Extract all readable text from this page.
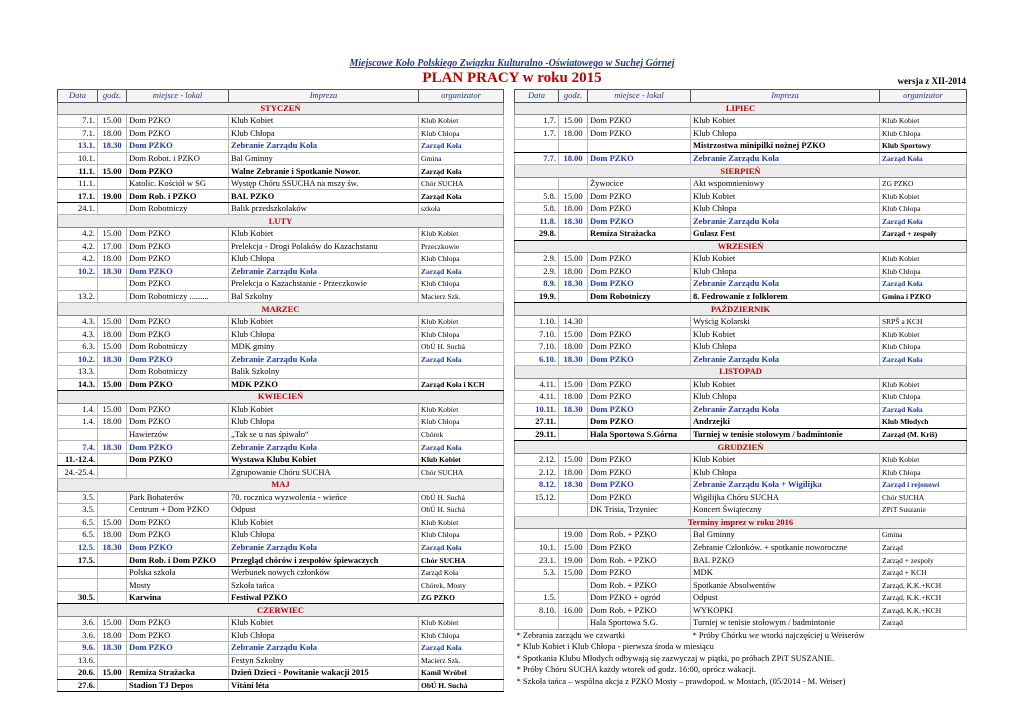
Miejscowe Koło Polskiego Związku Kulturalno -Oświatowego w Suchej Górnej
PLAN PRACY w roku 2015	wersja z XII-2014
Data	godz.	miejsce - lokal	Impreza	organizator
STYCZEŃ				
7.1.	15.00	Dom PZKO	Klub Kobiet	Klub Kobiet
7.1.	18.00	Dom PZKO	Klub Chłopa	Klub Chłopa
13.1.	18.30	Dom PZKO	Zebranie Zarządu Koła	Zarząd Koła
10.1.		Dom Robot. i PZKO	Bal Gminny	Gmina
11.1.	15.00	Dom PZKO	Walne Zebranie i Spotkanie Nowor.	Zarząd Koła
11.1.		Katolic. Kościół w SG	Występ Chóru SSUCHA na mszy św.	Chór SUCHA
17.1.	19.00	Dom Rob. i PZKO	BAL PZKO	Zarząd Koła
24.1.		Dom Robotniczy	Balik przedszkolaków	szkoła
LUTY				
4.2.	15.00	Dom PZKO	Klub Kobiet	Klub Kobiet
4.2.	17.00	Dom PZKO	Prelekcja - Drogi Polaków do Kazachstanu	Przeczkowie
4.2.	18.00	Dom PZKO	Klub Chłopa	Klub Chłopa
10.2.	18.30	Dom PZKO	Zebranie Zarządu Koła	Zarząd Koła
		Dom PZKO	Prelekcja o Kazachstanie - Przeczkowie	Klub Chłopa
13.2.		Dom Robotniczy .........	Bal Szkolny	Macierz Szk.
MARZEC				
4.3.	15.00	Dom PZKO	Klub Kobiet	Klub Kobiet
4.3.	18.00	Dom PZKO	Klub Chłopa	Klub Chłopa
6.3.	15.00	Dom Robotniczy	MDK gminy	ObÚ H. Suchá
10.2.	18.30	Dom PZKO	Zebranie Zarządu Koła	Zarząd Koła
13.3.		Dom Robotniczy	Balik Szkolny	
14.3.	15.00	Dom PZKO	MDK PZKO	Zarząd Koła i KCH
KWIECIEŃ				
1.4.	15.00	Dom PZKO	Klub Kobiet	Klub Kobiet
1.4.	18.00	Dom PZKO	Klub Chłopa	Klub Chłopa
		Hawierzów	„Tak se u nas śpiwało“	Chórek
7.4.	18.30	Dom PZKO	Zebranie Zarządu Koła	Zarząd Koła
11.-12.4.		Dom PZKO	Wystawa Klubu Kobiet	Klub Kobiet
24.-25.4.			Zgrupowanie Chóru SUCHA	Chór SUCHA
MAJ				
3.5.		Park Bohaterów	70. rocznica wyzwolenia - wieńce	ObÚ H. Suchá
3.5.		Centrum + Dom PZKO	Odpust	ObÚ H. Suchá
6.5.	15.00	Dom PZKO	Klub Kobiet	Klub Kobiet
6.5.	18.00	Dom PZKO	Klub Chłopa	Klub Chłopa
12.5.	18.30	Dom PZKO	Zebranie Zarządu Koła	Zarząd Koła
17.5.		Dom Rob. i Dom PZKO	Przegląd chórów i zespołów śpiewaczych	Chór SUCHA
		Polska szkoła	Werbunek nowych członków	Zarząd Koła
		Mosty	Szkoła tańca	Chórek, Mosty
30.5.		Karwina	Festiwal PZKO	ZG PZKO
CZERWIEC				
3.6.	15.00	Dom PZKO	Klub Kobiet	Klub Kobiet
3.6.	18.00	Dom PZKO	Klub Chłopa	Klub Chłopa
9.6.	18.30	Dom PZKO	Zebranie Zarządu Koła	Zarząd Koła
13.6.			Festyn Szkolny	Macierz Szk.
20.6.	15.00	Remiza Strażacka	Dzień Dzieci - Powitanie wakacji 2015	Kamil Wróbel
27.6.		Stadion TJ Depos	Vítání léta	ObÚ H. Suchá
Data	godz.	miejsce - lokal	Impreza	organizator
LIPIEC				
1.7.	15.00	Dom PZKO	Klub Kobiet	Klub Kobiet
1.7.	18.00	Dom PZKO	Klub Chłopa	Klub Chłopa
			Mistrzostwa minipilki nożnej PZKO	Klub Sportowy
7.7.	18.00	Dom PZKO	Zebranie Zarządu Koła	Zarząd Koła
SIERPIEŃ				
		Żywocice	Akt wspomnieniowy	ZG PZKO
5.8.	15.00	Dom PZKO	Klub Kobiet	Klub Kobiet
5.8.	18.00	Dom PZKO	Klub Chłopa	Klub Chłopa
11.8.	18.30	Dom PZKO	Zebranie Zarządu Koła	Zarząd Koła
29.8.		Remiza Strażacka	Gulasz Fest	Zarząd + zespoły
WRZESIEŃ				
2.9.	15.00	Dom PZKO	Klub Kobiet	Klub Kobiet
2.9.	18.00	Dom PZKO	Klub Chłopa	Klub Chłopa
8.9.	18.30	Dom PZKO	Zebranie Zarządu Koła	Zarząd Koła
19.9.		Dom Robotniczy	8. Fedrowanie z folklorem	Gmina i PZKO
PAŹDZIERNIK				
1.10.	14.30		Wyścig Kolarski	SRPŠ a KCH
7.10.	15.00	Dom PZKO	Klub Kobiet	Klub Kobiet
7.10.	18.00	Dom PZKO	Klub Chłopa	Klub Chłopa
6.10.	18.30	Dom PZKO	Zebranie Zarządu Koła	Zarząd Koła
LISTOPAD				
4.11.	15.00	Dom PZKO	Klub Kobiet	Klub Kobiet
4.11.	18.00	Dom PZKO	Klub Chłopa	Klub Chłopa
10.11.	18.30	Dom PZKO	Zebranie Zarządu Koła	Zarząd Koła
27.11.		Dom PZKO	Andrzejki	Klub Młodych
29.11.		Hala Sportowa S.Górna	Turniej w tenisie stołowym / badmintonie	Zarząd (M. Kriš)
GRUDZIEŃ				
2.12.	15.00	Dom PZKO	Klub Kobiet	Klub Kobiet
2.12.	18.00	Dom PZKO	Klub Chłopa	Klub Chłopa
8.12.	18.30	Dom PZKO	Zebranie Zarządu Koła + Wigilijka	Zarząd i rejonowi
15.12.		Dom PZKO	Wigilijka Chóru SUCHA	Chór SUCHA
		DK Trisia, Trzyniec	Koncert Świąteczny	ZPiT Suszanie
Terminy imprez w roku 2016				
	19.00	Dom Rob. + PZKO	Bal Gminny	Gmina
10.1.	15.00	Dom PZKO	Zebranie Członków. + spotkanie noworoczne	Zarząd
23.1.	19.00	Dom Rob. + PZKO	BAL PZKO	Zarząd + zespoły
5.3.	15.00	Dom PZKO	MDK	Zarząd + KCH
		Dom Rob. + PZKO	Spotkanie Absolwentów	Zarząd, K.K.+KCH
1.5.		Dom PZKO + ogród	Odpust	Zarząd, K.K.+KCH
8.10.	16.00	Dom Rob. + PZKO	WYKOPKI	Zarząd, K.K.+KCH
		Hala Sportowa S.G.	Turniej w tenisie stołowym / badmintonie	Zarząd
* Zebrania zarządu we czwartki			* Próby Chórku we wtorki najczęściej u Weiserów	
* Klub Kobiet i Klub Chłopa - pierwsza środa w miesiącu				
* Spotkania Klubu Młodych odbywają się zazwyczaj w piątki, po próbach ZPiT SUSZANIE.				
* Próby Chóru SUCHA każdy wtorek od godz. 16:00, oprócz wakacji.				
* Szkoła tańca – wspólna akcja z PZKO Mosty – prawdopod. w Mostach, (05/2014 - M. Weiser)				
